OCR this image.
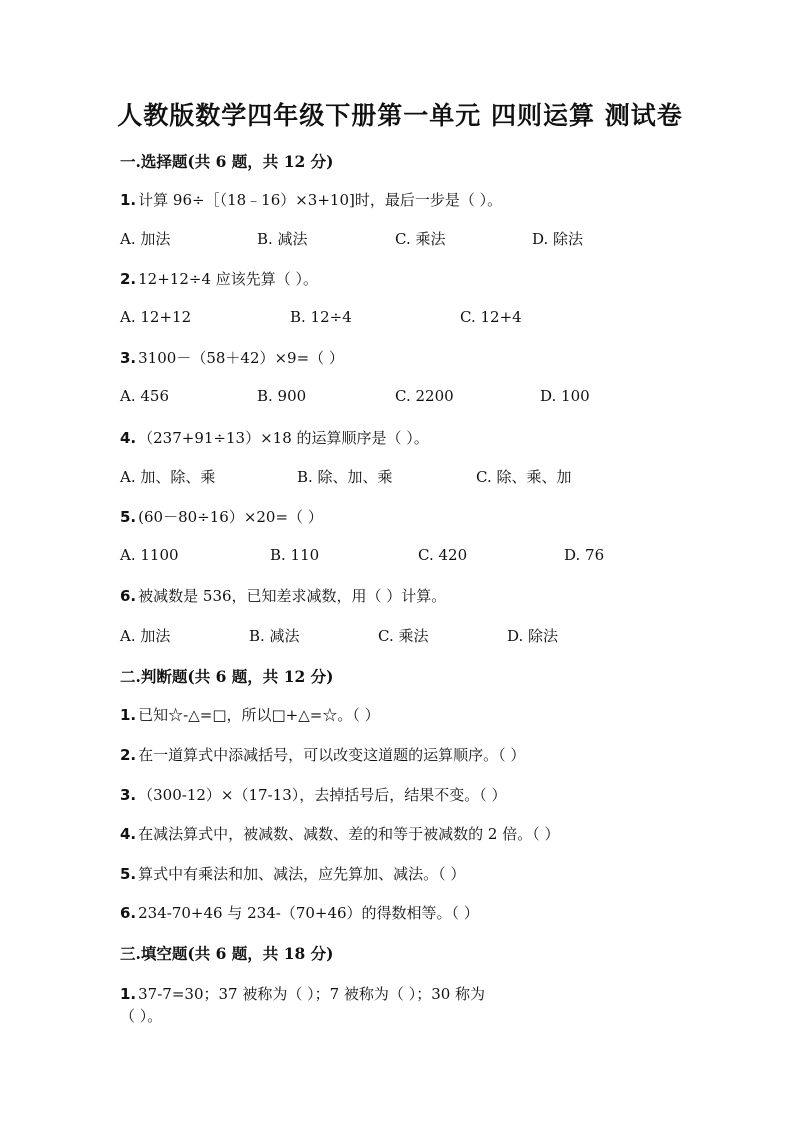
人教版数学四年级下册第一单元 四则运算 测试卷
一.选择题(共 6 题，共 12 分)
1. 计算 96÷［（18﹣16）×3+10]时，最后一步是（ ）。
A. 加法	B. 减法	C. 乘法	D. 除法
2. 12+12÷4 应该先算（ ）。
A. 12+12	B. 12÷4	C. 12+4
3. 3100－（58＋42）×9=（ ）
A. 456	B. 900	C. 2200	D. 100
4. （237+91÷13）×18 的运算顺序是（ ）。
A. 加、除、乘	B. 除、加、乘	C. 除、乘、加
5. (60－80÷16）×20=（ ）
A. 1100	B. 110	C. 420	D. 76
6. 被减数是 536，已知差求减数，用（ ）计算。
A. 加法	B. 减法	C. 乘法	D. 除法
二.判断题(共 6 题，共 12 分)
1. 已知☆-△=□，所以□+△=☆。（ ）
2. 在一道算式中添减括号，可以改变这道题的运算顺序。（ ）
3. （300-12）×（17-13），去掉括号后，结果不变。（ ）
4. 在减法算式中，被减数、减数、差的和等于被减数的 2 倍。（ ）
5. 算式中有乘法和加、减法，应先算加、减法。（ ）
6. 234-70+46 与 234-（70+46）的得数相等。（ ）
三.填空题(共 6 题，共 18 分)
1. 37-7=30；37 被称为（ ）；7 被称为（ ）；30 称为
（ ）。
